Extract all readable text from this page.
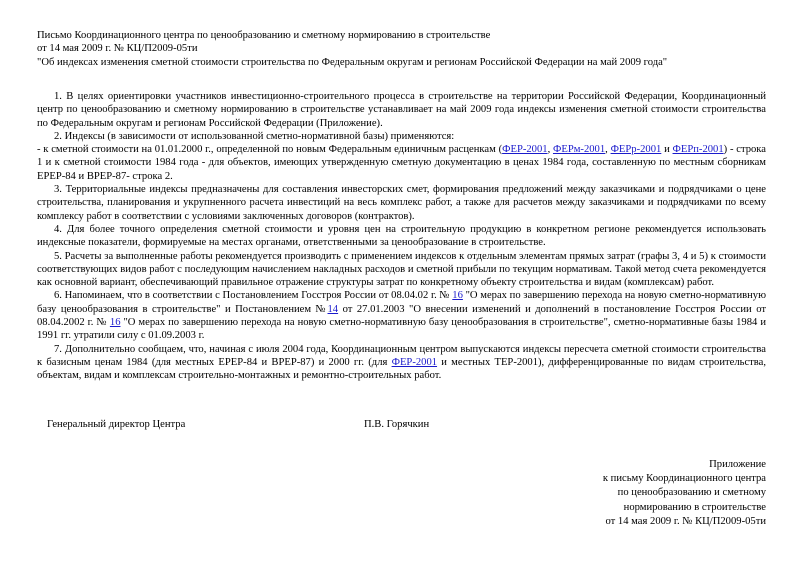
Письмо Координационного центра по ценообразованию и сметному нормированию в строительстве
от 14 мая 2009 г. № КЦ/П2009-05ти
"Об индексах изменения сметной стоимости строительства по Федеральным округам и регионам Российской Федерации на май 2009 года"

1. В целях ориентировки участников инвестиционно-строительного процесса в строительстве на территории Российской Федерации, Координационный центр по ценообразованию и сметному нормированию в строительстве устанавливает на май 2009 года индексы изменения сметной стоимости строительства по Федеральным округам и регионам Российской Федерации (Приложение).

2. Индексы (в зависимости от использованной сметно-нормативной базы) применяются:

- к сметной стоимости на 01.01.2000 г., определенной по новым Федеральным единичным расценкам (ФЕР-2001, ФЕРм-2001, ФЕРр-2001 и ФЕРп-2001) - строка 1 и к сметной стоимости 1984 года - для объектов, имеющих утвержденную сметную документацию в ценах 1984 года, составленную по местным сборникам ЕРЕР-84 и ВРЕР-87- строка 2.

3. Территориальные индексы предназначены для составления инвесторских смет, формирования предложений между заказчиками и подрядчиками о цене строительства, планирования и укрупненного расчета инвестиций на весь комплекс работ, а также для расчетов между заказчиками и подрядчиками по всему комплексу работ в соответствии с условиями заключенных договоров (контрактов).

4. Для более точного определения сметной стоимости и уровня цен на строительную продукцию в конкретном регионе рекомендуется использовать индексные показатели, формируемые на местах органами, ответственными за ценообразование в строительстве.

5. Расчеты за выполненные работы рекомендуется производить с применением индексов к отдельным элементам прямых затрат (графы 3, 4 и 5) к стоимости соответствующих видов работ с последующим начислением накладных расходов и сметной прибыли по текущим нормативам. Такой метод счета рекомендуется как основной вариант, обеспечивающий правильное отражение структуры затрат по конкретному объекту строительства и видам (комплексам) работ.

6. Напоминаем, что в соответствии с Постановлением Госстроя России от 08.04.02 г. № 16 "О мерах по завершению перехода на новую сметно-нормативную базу ценообразования в строительстве" и Постановлением №14 от 27.01.2003 "О внесении изменений и дополнений в постановление Госстроя России от 08.04.2002 г. № 16 "О мерах по завершению перехода на новую сметно-нормативную базу ценообразования в строительстве", сметно-нормативные базы 1984 и 1991 гг. утратили силу с 01.09.2003 г.

7. Дополнительно сообщаем, что, начиная с июля 2004 года, Координационным центром выпускаются индексы пересчета сметной стоимости строительства к базисным ценам 1984 (для местных ЕРЕР-84 и ВРЕР-87) и 2000 гг. (для ФЕР-2001 и местных ТЕР-2001), дифференцированные по видам строительства, объектам, видам и комплексам строительно-монтажных и ремонтно-строительных работ.

Генеральный директор Центра	П.В. Горячкин
Приложение
к письму Координационного центра
по ценообразованию и сметному
нормированию в строительстве
от 14 мая 2009 г. № КЦ/П2009-05ти
